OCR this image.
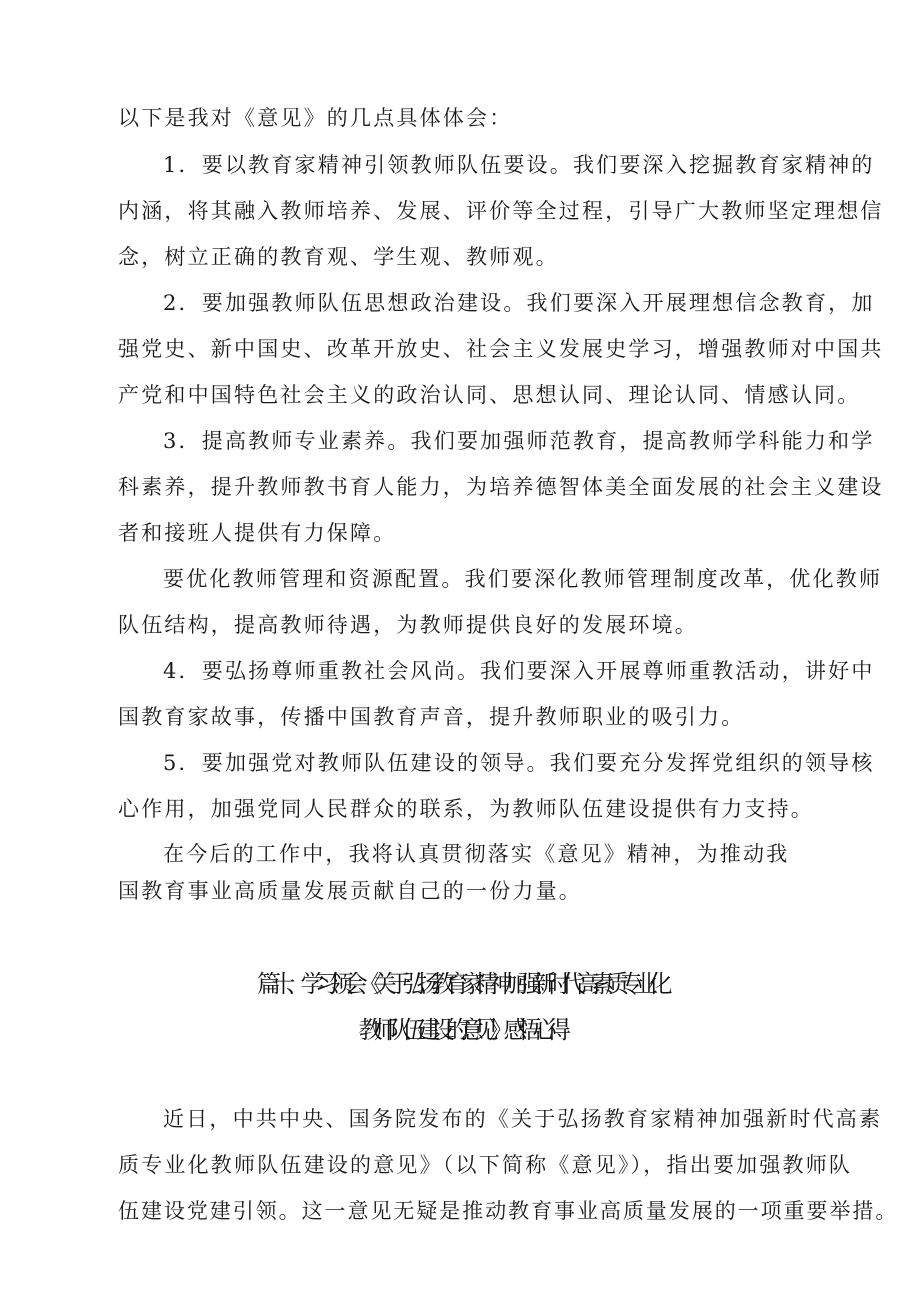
以下是我对《意见》的几点具体体会：
1．要以教育家精神引领教师队伍要设。我们要深入挖掘教育家精神的
内涵，将其融入教师培养、发展、评价等全过程，引导广大教师坚定理想信
念，树立正确的教育观、学生观、教师观。
2．要加强教师队伍思想政治建设。我们要深入开展理想信念教育，加
强党史、新中国史、改革开放史、社会主义发展史学习，增强教师对中国共
产党和中国特色社会主义的政治认同、思想认同、理论认同、情感认同。
3．提高教师专业素养。我们要加强师范教育，提高教师学科能力和学
科素养，提升教师教书育人能力，为培养德智体美全面发展的社会主义建设
者和接班人提供有力保障。
要优化教师管理和资源配置。我们要深化教师管理制度改革，优化教师
队伍结构，提高教师待遇，为教师提供良好的发展环境。
4．要弘扬尊师重教社会风尚。我们要深入开展尊师重教活动，讲好中
国教育家故事，传播中国教育声音，提升教师职业的吸引力。
5．要加强党对教师队伍建设的领导。我们要充分发挥党组织的领导核
心作用，加强党同人民群众的联系，为教师队伍建设提供有力支持。
在今后的工作中，我将认真贯彻落实《意见》精神，为推动我
国教育事业高质量发展贡献自己的一份力量。
篇十、学习领会《关于弘扬教育家精神加强新时代高素质专业化
教师队伍建设的意见》感悟心得
近日，中共中央、国务院发布的《关于弘扬教育家精神加强新时代高素
质专业化教师队伍建设的意见》（以下简称《意见》），指出要加强教师队
伍建设党建引领。这一意见无疑是推动教育事业高质量发展的一项重要举措。
